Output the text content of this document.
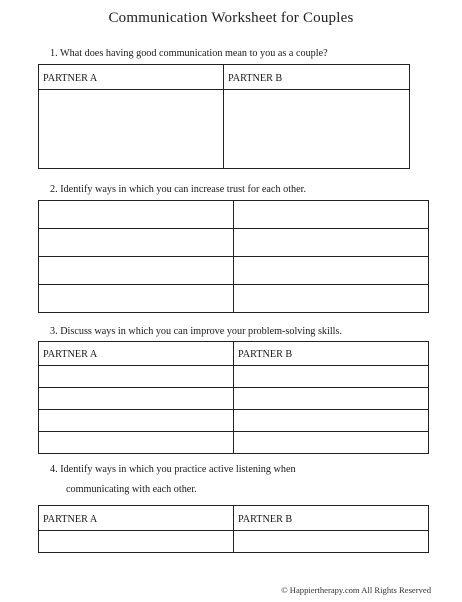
Communication Worksheet for Couples
1. What does having good communication mean to you as a couple?
PARTNER A	PARTNER B

2. Identify ways in which you can increase trust for each other.

3. Discuss ways in which you can improve your problem-solving skills.
PARTNER A	PARTNER B

4. Identify ways in which you practice active listening when
communicating with each other.
PARTNER A	PARTNER B

© Happiertherapy.com All Rights Reserved
